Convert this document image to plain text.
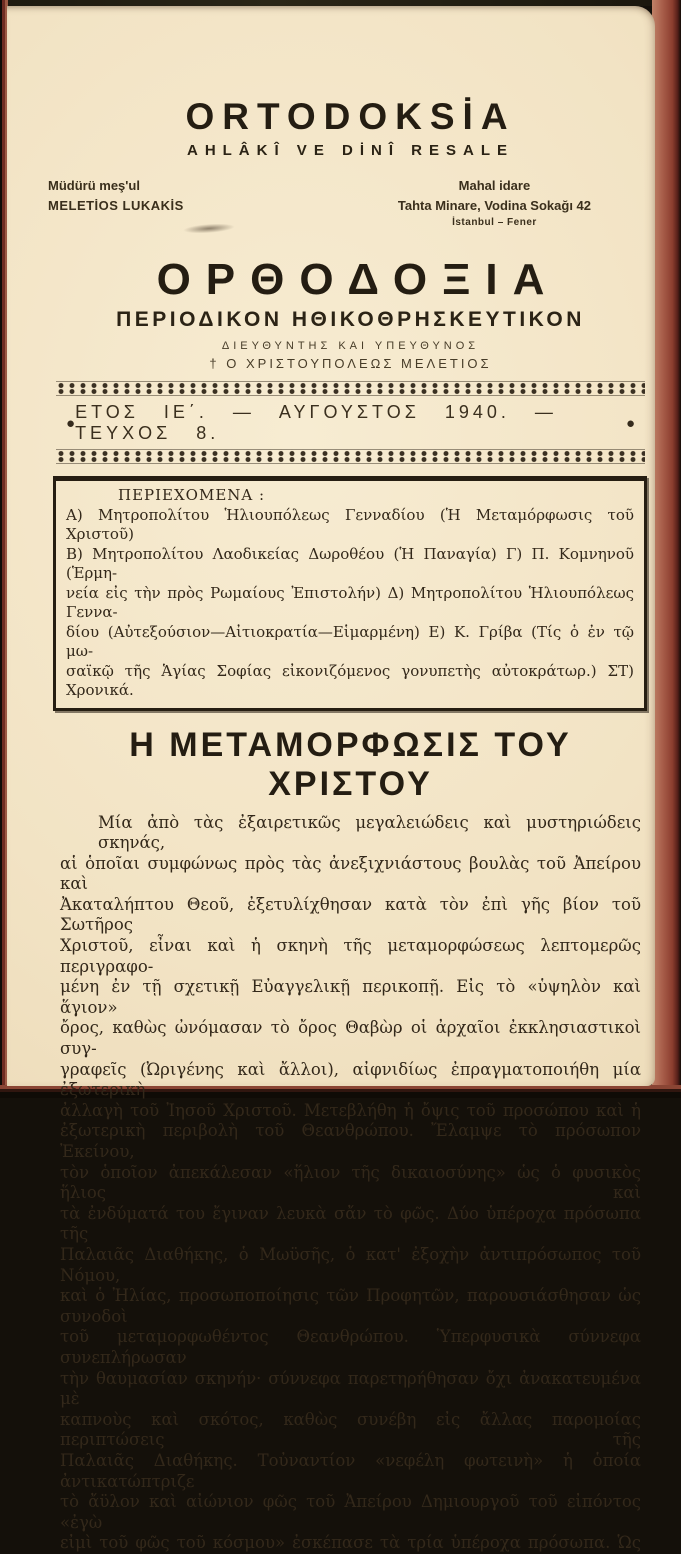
ORTODOKSİA
AHLÂKÎ VE DİNÎ RESALE
Müdürü meş'ul
MELETİOS LUKAKİS
Mahal idare
Tahta Minare, Vodina Sokağı 42
İstanbul – Fener
ΟΡΘΟΔΟΞΙΑ
ΠΕΡΙΟΔΙΚΟΝ ΗΘΙΚΟΘΡΗΣΚΕΥΤΙΚΟΝ
ΔΙΕΥΘΥΝΤΗΣ ΚΑΙ ΥΠΕΥΘΥΝΟΣ
† Ο ΧΡΙΣΤΟΥΠΟΛΕΩΣ ΜΕΛΕΤΙΟΣ
●
ΕΤΟΣ ΙΕ΄. — ΑΥΓΟΥΣΤΟΣ 1940. — ΤΕΥΧΟΣ 8.	●
ΠΕΡΙΕΧΟΜΕΝΑ :
Α) Μητροπολίτου Ἡλιουπόλεως Γενναδίου (Ἡ Μεταμόρφωσις τοῦ Χριστοῦ)
Β) Μητροπολίτου Λαοδικείας Δωροθέου (Ἡ Παναγία) Γ) Π. Κομνηνοῦ (Ἑρμη-
νεία εἰς τὴν πρὸς Ρωμαίους Ἐπιστολήν) Δ) Μητροπολίτου Ἡλιουπόλεως Γεννα-
δίου (Αὐτεξούσιον—Αἰτιοκρατία—Εἱμαρμένη) Ε) Κ. Γρίβα (Τίς ὁ ἐν τῷ μω-
σαϊκῷ τῆς Ἁγίας Σοφίας εἰκονιζόμενος γονυπετὴς αὐτοκράτωρ.) ΣΤ) Χρονικά.
Η ΜΕΤΑΜΟΡΦΩΣΙΣ ΤΟΥ ΧΡΙΣΤΟΥ
Μία ἀπὸ τὰς ἐξαιρετικῶς μεγαλειώδεις καὶ μυστηριώδεις σκηνάς,
αἱ ὁποῖαι συμφώνως πρὸς τὰς ἀνεξιχνιάστους βουλὰς τοῦ Ἀπείρου καὶ
Ἀκαταλήπτου Θεοῦ, ἐξετυλίχθησαν κατὰ τὸν ἐπὶ γῆς βίον τοῦ Σωτῆρος
Χριστοῦ, εἶναι καὶ ἡ σκηνὴ τῆς μεταμορφώσεως λεπτομερῶς περιγραφο-
μένη ἐν τῇ σχετικῇ Εὐαγγελικῇ περικοπῇ. Εἰς τὸ «ὑψηλὸν καὶ ἅγιον»
ὄρος, καθὼς ὠνόμασαν τὸ ὄρος Θαβὼρ οἱ ἀρχαῖοι ἐκκλησιαστικοὶ συγ-
γραφεῖς (Ὠριγένης καὶ ἄλλοι), αἰφνιδίως ἐπραγματοποιήθη μία ἐξωτερικὴ
ἀλλαγὴ τοῦ Ἰησοῦ Χριστοῦ. Μετεβλήθη ἡ ὄψις τοῦ προσώπου καὶ ἡ
ἐξωτερικὴ περιβολὴ τοῦ Θεανθρώπου. Ἔλαμψε τὸ πρόσωπον Ἐκείνου,
τὸν ὁποῖον ἀπεκάλεσαν «ἥλιον τῆς δικαιοσύνης» ὡς ὁ φυσικὸς ἥλιος καὶ
τὰ ἐνδύματά του ἔγιναν λευκὰ σἄν τὸ φῶς. Δύο ὑπέροχα πρόσωπα τῆς
Παλαιᾶς Διαθήκης, ὁ Μωϋσῆς, ὁ κατ' ἐξοχὴν ἀντιπρόσωπος τοῦ Νόμου,
καὶ ὁ Ἠλίας, προσωποποίησις τῶν Προφητῶν, παρουσιάσθησαν ὡς συνοδοὶ
τοῦ μεταμορφωθέντος Θεανθρώπου. Ὑπερφυσικὰ σύννεφα συνεπλήρωσαν
τὴν θαυμασίαν σκηνήν· σύννεφα παρετηρήθησαν ὄχι ἀνακατευμένα μὲ
καπνοὺς καὶ σκότος, καθὼς συνέβη εἰς ἄλλας παρομοίας περιπτώσεις τῆς
Παλαιᾶς Διαθήκης. Τοὐναντίον «νεφέλη φωτεινὴ» ἡ ὁποία ἀντικατώπτριζε
τὸ ἄϋλον καὶ αἰώνιον φῶς τοῦ Ἀπείρου Δημιουργοῦ τοῦ εἰπόντος «ἐγὼ
εἰμὶ τοῦ φῶς τοῦ κόσμου» ἐσκέπασε τὰ τρία ὑπέροχα πρόσωπα. Ὡς
